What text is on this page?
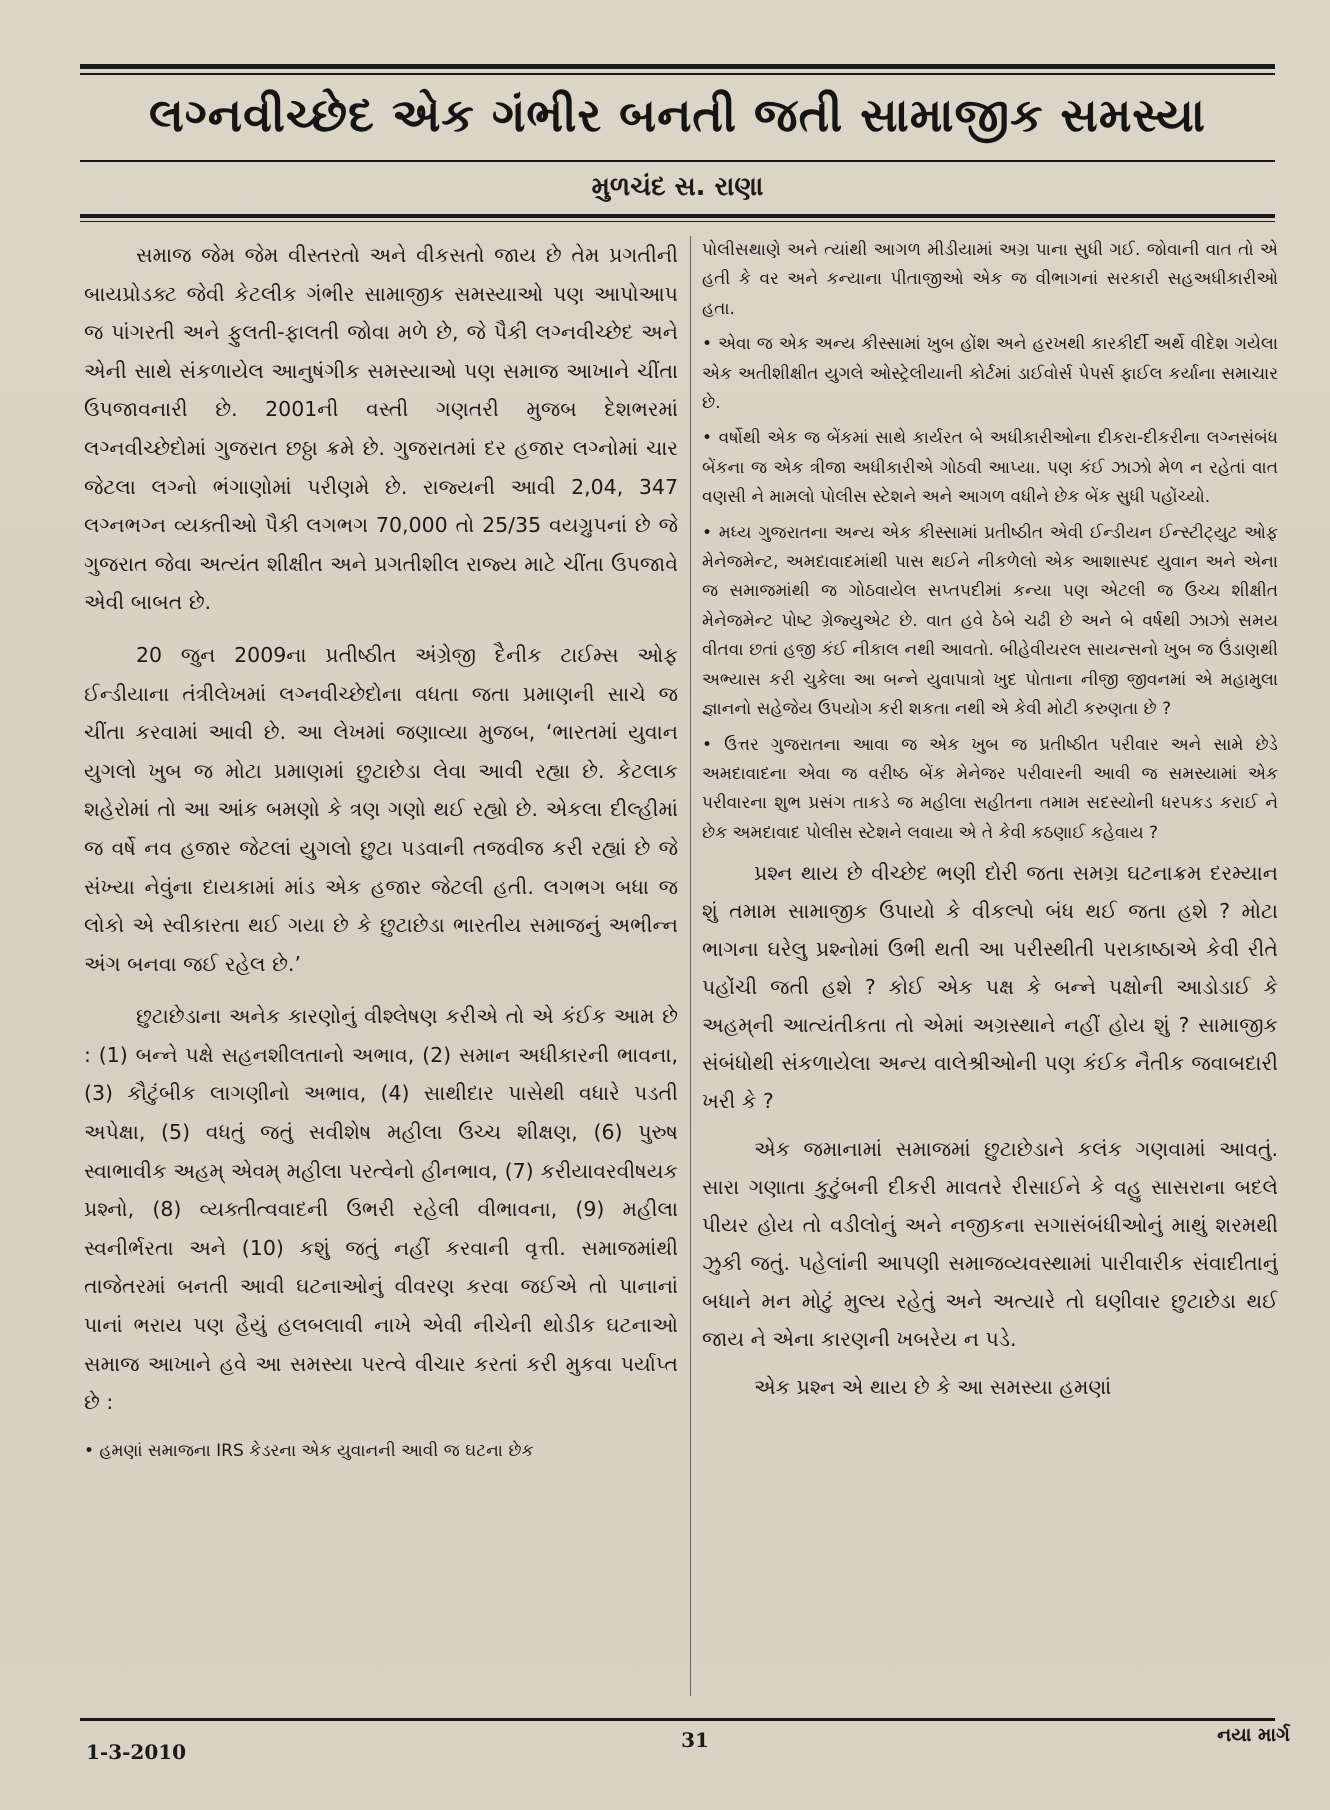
લગ્નવીચ્છેદ એક ગંભીર બનતી જતી સામાજીક સમસ્યા
મુળચંદ સ. રાણા

સમાજ જેમ જેમ વીસ્તરતો અને વીકસતો જાય છે તેમ પ્રગતીની બાયપ્રોડક્ટ જેવી કેટલીક ગંભીર સામાજીક સમસ્યાઓ પણ આપોઆપ જ પાંગરતી અને ફુલતી-ફાલતી જોવા મળે છે, જે પૈકી લગ્નવીચ્છેદ અને એની સાથે સંકળાયેલ આનુષંગીક સમસ્યાઓ પણ સમાજ આખાને ચીંતા ઉપજાવનારી છે. 2001ની વસ્તી ગણતરી મુજબ દેશભરમાં લગ્નવીચ્છેદોમાં ગુજરાત છઠ્ઠા ક્રમે છે. ગુજરાતમાં દર હજાર લગ્નોમાં ચાર જેટલા લગ્નો ભંગાણોમાં પરીણમે છે. રાજ્યની આવી 2,04, 347 લગ્નભગ્ન વ્યક્તીઓ પૈકી લગભગ 70,000 તો 25/35 વયગ્રુપનાં છે જે ગુજરાત જેવા અત્યંત શીક્ષીત અને પ્રગતીશીલ રાજ્ય માટે ચીંતા ઉપજાવે એવી બાબત છે.

20 જુન 2009ના પ્રતીષ્ઠીત અંગ્રેજી દૈનીક ટાઈમ્સ ઓફ ઈન્ડીયાના તંત્રીલેખમાં લગ્નવીચ્છેદોના વધતા જતા પ્રમાણની સાચે જ ચીંતા કરવામાં આવી છે. આ લેખમાં જણાવ્યા મુજબ, ‘ભારતમાં યુવાન યુગલો ખુબ જ મોટા પ્રમાણમાં છુટાછેડા લેવા આવી રહ્યા છે. કેટલાક શહેરોમાં તો આ આંક બમણો કે ત્રણ ગણો થઈ રહ્યો છે. એકલા દીલ્હીમાં જ વર્ષે નવ હજાર જેટલાં યુગલો છુટા પડવાની તજવીજ કરી રહ્યાં છે જે સંખ્યા નેવુંના દાયકામાં માંડ એક હજાર જેટલી હતી. લગભગ બધા જ લોકો એ સ્વીકારતા થઈ ગયા છે કે છુટાછેડા ભારતીય સમાજનું અભીન્ન અંગ બનવા જઈ રહેલ છે.’

છુટાછેડાના અનેક કારણોનું વીશ્લેષણ કરીએ તો એ કંઈક આમ છે : (1) બન્ને પક્ષે સહનશીલતાનો અભાવ, (2) સમાન અધીકારની ભાવના, (3) કૌટુંબીક લાગણીનો અભાવ, (4) સાથીદાર પાસેથી વધારે પડતી અપેક્ષા, (5) વધતું જતું સવીશેષ મહીલા ઉચ્ચ શીક્ષણ, (6) પુરુષ સ્વાભાવીક અહમ્ એવમ્ મહીલા પરત્વેનો હીનભાવ, (7) કરીયાવરવીષયક પ્રશ્નો, (8) વ્યક્તીત્વવાદની ઉભરી રહેલી વીભાવના, (9) મહીલા સ્વનીર્ભરતા અને (10) કશું જતું નહીં કરવાની વૃત્તી. સમાજમાંથી તાજેતરમાં બનતી આવી ઘટનાઓનું વીવરણ કરવા જઈએ તો પાનાનાં પાનાં ભરાય પણ હૈયું હલબલાવી નાખે એવી નીચેની થોડીક ઘટનાઓ સમાજ આખાને હવે આ સમસ્યા પરત્વે વીચાર કરતાં કરી મુકવા પર્યાપ્ત છે :

• હમણાં સમાજના IRS કેડરના એક યુવાનની આવી જ ઘટના છેક

પોલીસથાણે અને ત્યાંથી આગળ મીડીયામાં અગ્ર પાના સુધી ગઈ. જોવાની વાત તો એ હતી કે વર અને કન્યાના પીતાજીઓ એક જ વીભાગનાં સરકારી સહઅધીકારીઓ હતા.

• એવા જ એક અન્ય કીસ્સામાં ખુબ હોંશ અને હરખથી કારકીર્દી અર્થે વીદેશ ગયેલા એક અતીશીક્ષીત યુગલે ઓસ્ટ્રેલીયાની કોર્ટમાં ડાઈવોર્સ પેપર્સ ફાઈલ કર્યાના સમાચાર છે.

• વર્ષોથી એક જ બેંકમાં સાથે કાર્યરત બે અધીકારીઓના દીકરા-દીકરીના લગ્નસંબંધ બેંકના જ એક ત્રીજા અધીકારીએ ગોઠવી આપ્યા. પણ કંઈ ઝાઝો મેળ ન રહેતાં વાત વણસી ને મામલો પોલીસ સ્ટેશને અને આગળ વધીને છેક બેંક સુધી પહોંચ્યો.

• મધ્ય ગુજરાતના અન્ય એક કીસ્સામાં પ્રતીષ્ઠીત એવી ઈન્ડીયન ઈન્સ્ટીટ્યુટ ઓફ મેનેજમેન્ટ, અમદાવાદમાંથી પાસ થઈને નીકળેલો એક આશાસ્પદ યુવાન અને એના જ સમાજમાંથી જ ગોઠવાયેલ સપ્તપદીમાં કન્યા પણ એટલી જ ઉચ્ચ શીક્ષીત મેનેજમેન્ટ પોષ્ટ ગ્રેજ્યુએટ છે. વાત હવે ઠેબે ચઢી છે અને બે વર્ષથી ઝાઝો સમય વીતવા છતાં હજી કંઈ નીકાલ નથી આવતો. બીહેવીયરલ સાયન્સનો ખુબ જ ઉંડાણથી અભ્યાસ કરી ચુકેલા આ બન્ને યુવાપાત્રો ખુદ પોતાના નીજી જીવનમાં એ મહામુલા જ્ઞાનનો સહેજેય ઉપયોગ કરી શકતા નથી એ કેવી મોટી કરુણતા છે ?

• ઉત્તર ગુજરાતના આવા જ એક ખુબ જ પ્રતીષ્ઠીત પરીવાર અને સામે છેડે અમદાવાદના એવા જ વરીષ્ઠ બેંક મેનેજર પરીવારની આવી જ સમસ્યામાં એક પરીવારના શુભ પ્રસંગ તાકડે જ મહીલા સહીતના તમામ સદસ્યોની ધરપકડ કરાઈ ને છેક અમદાવાદ પોલીસ સ્ટેશને લવાયા એ તે કેવી કઠણાઈ કહેવાય ?

પ્રશ્ન થાય છે વીચ્છેદ ભણી દોરી જતા સમગ્ર ઘટનાક્રમ દરમ્યાન શું તમામ સામાજીક ઉપાયો કે વીકલ્પો બંધ થઈ જતા હશે ? મોટા ભાગના ઘરેલુ પ્રશ્નોમાં ઉભી થતી આ પરીસ્થીતી પરાકાષ્ઠાએ કેવી રીતે પહોંચી જતી હશે ? કોઈ એક પક્ષ કે બન્ને પક્ષોની આડોડાઈ કે અહમ્‌ની આત્યંતીકતા તો એમાં અગ્રસ્થાને નહીં હોય શું ? સામાજીક સંબંધોથી સંકળાયેલા અન્ય વાલેશ્રીઓની પણ કંઈક નૈતીક જવાબદારી ખરી કે ?

એક જમાનામાં સમાજમાં છુટાછેડાને કલંક ગણવામાં આવતું. સારા ગણાતા કુટુંબની દીકરી માવતરે રીસાઈને કે વહુ સાસરાના બદલે પીયર હોય તો વડીલોનું અને નજીકના સગાસંબંધીઓનું માથું શરમથી ઝુકી જતું. પહેલાંની આપણી સમાજવ્યવસ્થામાં પારીવારીક સંવાદીતાનું બધાને મન મોટું મુલ્ય રહેતું અને અત્યારે તો ઘણીવાર છુટાછેડા થઈ જાય ને એના કારણની ખબરેય ન પડે.

એક પ્રશ્ન એ થાય છે કે આ સમસ્યા હમણાં

1-3-2010	31	નયા માર્ગ
